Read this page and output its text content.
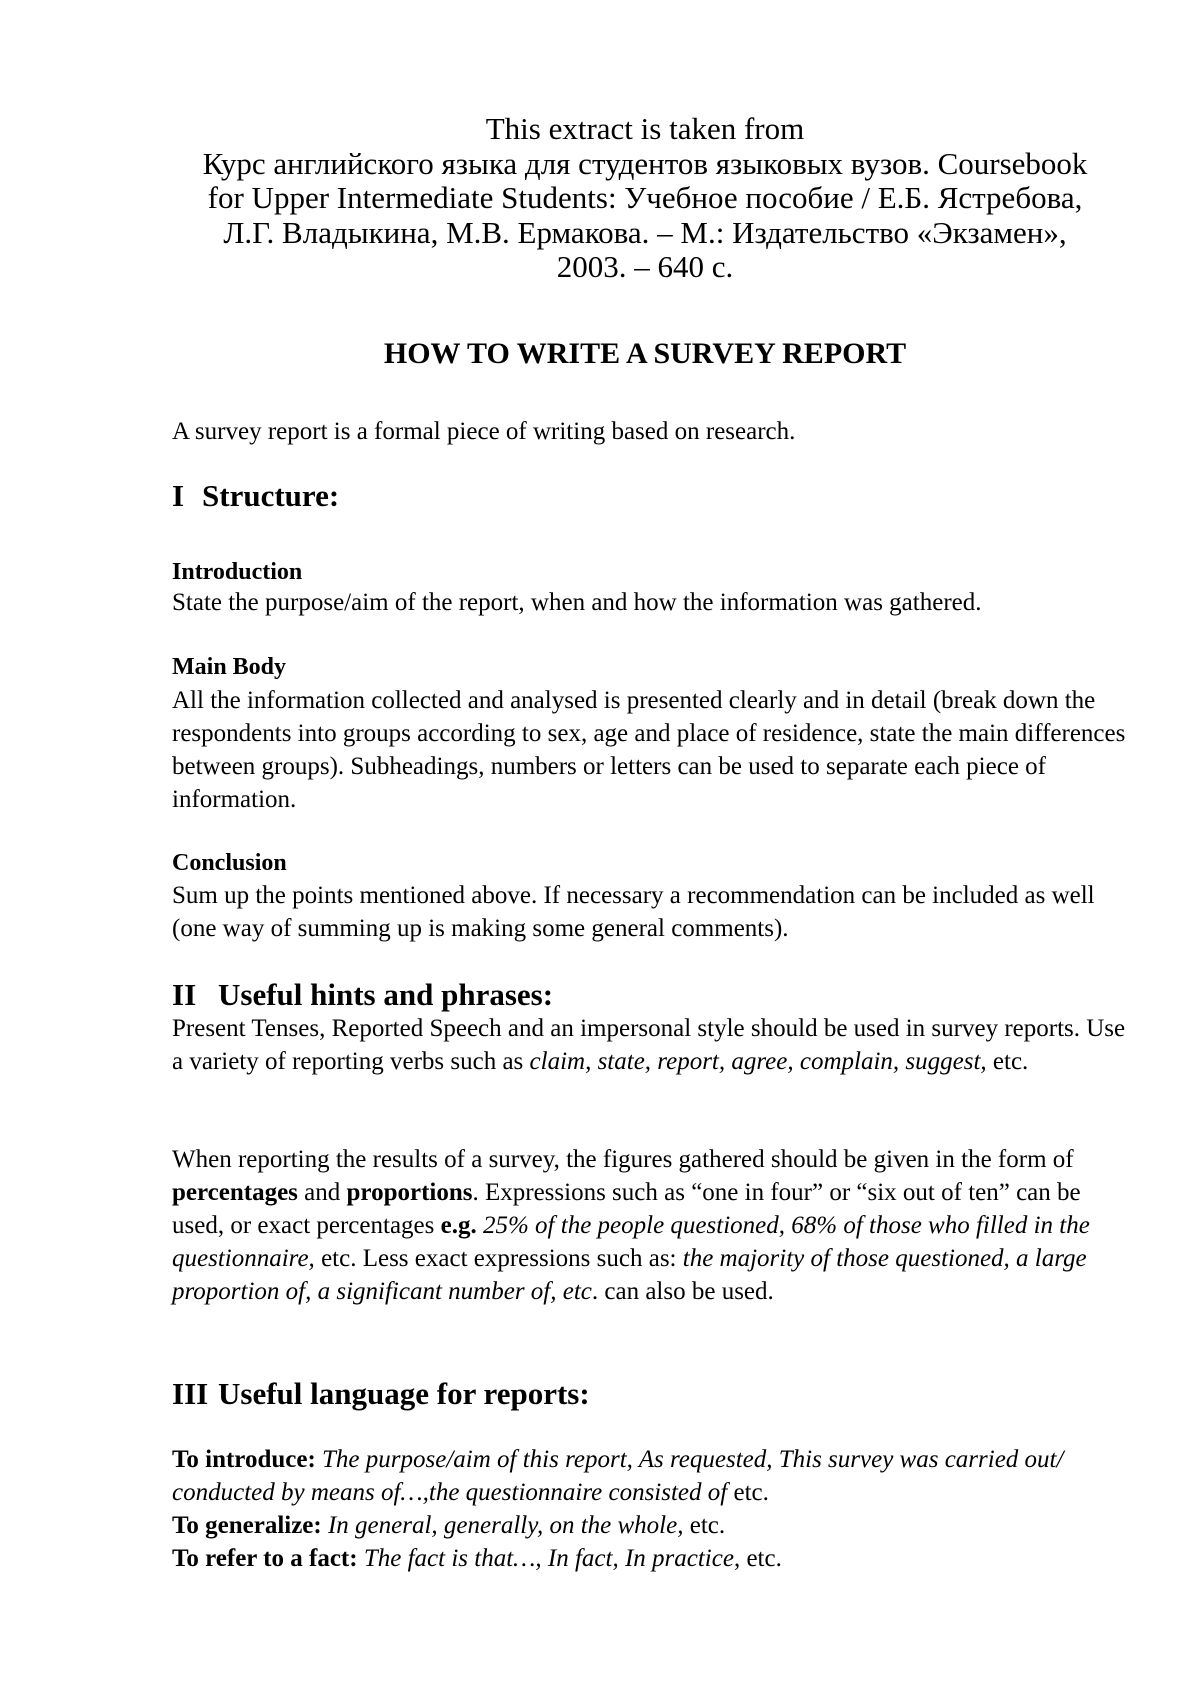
This extract is taken from

Курс английского языка для студентов языковых вузов. Coursebook

for Upper Intermediate Students: Учебное пособие / Е.Б. Ястребова,

Л.Г. Владыкина, М.В. Ермакова. – М.: Издательство «Экзамен»,

2003. – 640 с.

HOW TO WRITE A SURVEY REPORT

A survey report is a formal piece of writing based on research.

I Structure:
Introduction

State the purpose/aim of the report, when and how the information was gathered.

Main Body

All the information collected and analysed is presented clearly and in detail (break down the respondents into groups according to sex, age and place of residence, state the main differences between groups). Subheadings, numbers or letters can be used to separate each piece of information.

Conclusion

Sum up the points mentioned above. If necessary a recommendation can be included as well (one way of summing up is making some general comments).

II Useful hints and phrases:

Present Tenses, Reported Speech and an impersonal style should be used in survey reports. Use a variety of reporting verbs such as claim, state, report, agree, complain, suggest, etc.

When reporting the results of a survey, the figures gathered should be given in the form of percentages and proportions. Expressions such as “one in four” or “six out of ten” can be used, or exact percentages e.g. 25% of the people questioned, 68% of those who filled in the questionnaire, etc. Less exact expressions such as: the majority of those questioned, a large proportion of, a significant number of, etc. can also be used.

III Useful language for reports:

To introduce: The purpose/aim of this report, As requested, This survey was carried out/ conducted by means of…,the questionnaire consisted of etc.

To generalize: In general, generally, on the whole, etc.

To refer to a fact: The fact is that…, In fact, In practice, etc.
